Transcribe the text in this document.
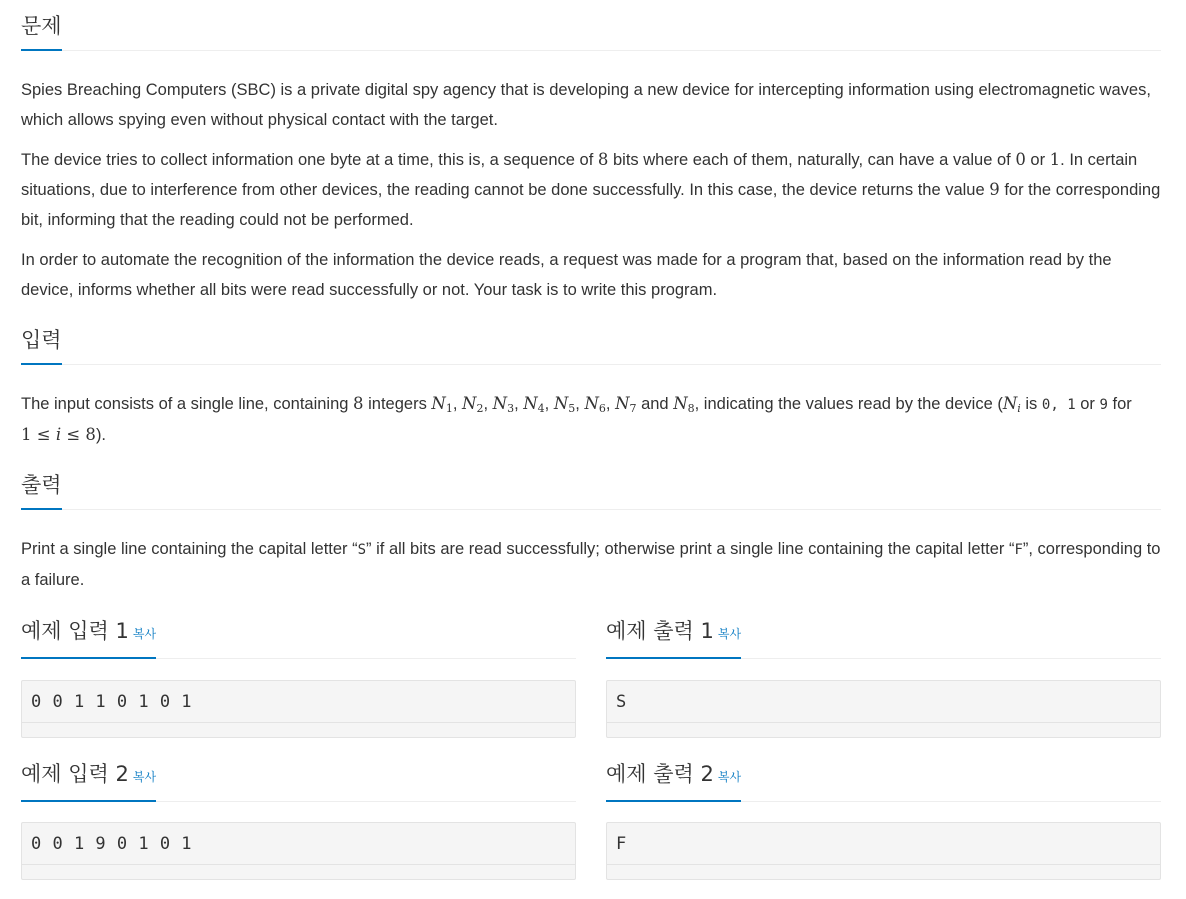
문제

Spies Breaching Computers (SBC) is a private digital spy agency that is developing a new device for intercepting information using electromagnetic waves, which allows spying even without physical contact with the target.

The device tries to collect information one byte at a time, this is, a sequence of 8 bits where each of them, naturally, can have a value of 0 or 1. In certain situations, due to interference from other devices, the reading cannot be done successfully. In this case, the device returns the value 9 for the corresponding bit, informing that the reading could not be performed.

In order to automate the recognition of the information the device reads, a request was made for a program that, based on the information read by the device, informs whether all bits were read successfully or not. Your task is to write this program.

입력

The input consists of a single line, containing 8 integers $N_1$, $N_2$, $N_3$, $N_4$, $N_5$, $N_6$, $N_7$ and $N_8$, indicating the values read by the device ($N_i$ is 0, 1 or 9 for
1 ≤ i ≤ 8).

출력

Print a single line containing the capital letter “S” if all bits are read successfully; otherwise print a single line containing the capital letter “F”, corresponding to a failure.

예제 입력 1 복사
0 0 1 1 0 1 0 1
예제 출력 1 복사
S
예제 입력 2 복사
0 0 1 9 0 1 0 1
예제 출력 2 복사
F
